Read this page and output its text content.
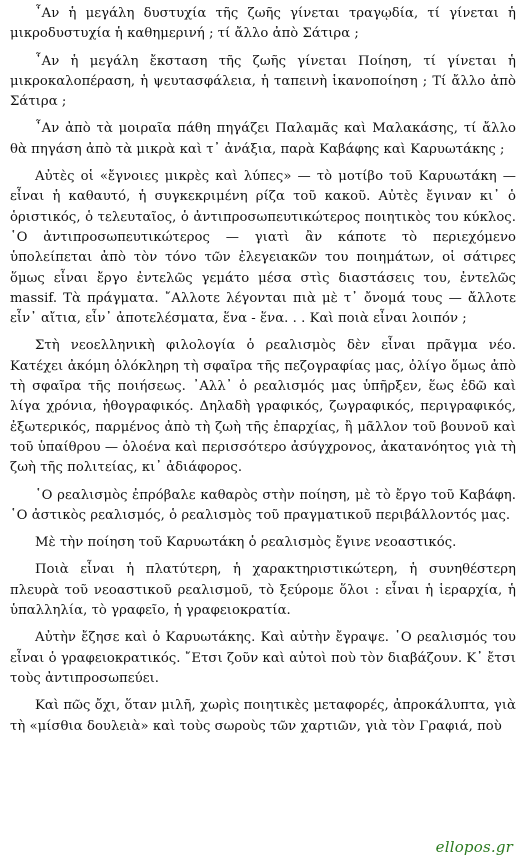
῏Αν ἡ μεγάλη δυστυχία τῆς ζωῆς γίνεται τραγῳδία, τί γίνεται ἡ μικροδυστυχία ἡ καθημερινή ; τί ἄλλο ἀπὸ Σάτιρα ;

῏Αν ἡ μεγάλη ἔκσταση τῆς ζωῆς γίνεται Ποίηση, τί γίνεται ἡ μικροκαλοπέραση, ἡ ψευτασφάλεια, ἡ ταπεινὴ ἱκανοποίηση ; Τί ἄλλο ἀπὸ Σάτιρα ;

῏Αν ἀπὸ τὰ μοιραῖα πάθη πηγάζει Παλαμᾶς καὶ Μαλακάσης, τί ἄλλο θὰ πηγάση ἀπὸ τὰ μικρὰ καὶ τ᾿ ἀνάξια, παρὰ Καβάφης καὶ Καρυωτάκης ;

Αὐτὲς οἱ «ἔγνοιες μικρὲς καὶ λύπες» — τὸ μοτίβο τοῦ Καρυωτάκη — εἶναι ἡ καθαυτό, ἡ συγκεκριμένη ρίζα τοῦ κακοῦ. Αὐτὲς ἔγιναν κι᾿ ὁ ὁριστικός, ὁ τελευταῖος, ὁ ἀντιπροσωπευτικώτερος ποιητικὸς του κύκλος. ῾Ο ἀντιπροσωπευτικώτερος — γιατὶ ἂν κάποτε τὸ περιεχόμενο ὑπολείπεται ἀπὸ τὸν τόνο τῶν ἐλεγειακῶν του ποιημάτων, οἱ σάτιρες ὅμως εἶναι ἔργο ἐντελῶς γεμάτο μέσα στὶς διαστάσεις του, ἐντελῶς massif. Τὰ πράγματα. ῎Αλλοτε λέγονται πιὰ μὲ τ᾿ ὄνομά τους — ἄλλοτε εἶν᾿ αἴτια, εἶν᾿ ἀποτελέσματα, ἕνα - ἕνα. . . Καὶ ποιὰ εἶναι λοιπόν ;

Στὴ νεοελληνικὴ φιλολογία ὁ ρεαλισμὸς δὲν εἶναι πρᾶγμα νέο. Κατέχει ἀκόμη ὁλόκληρη τὴ σφαῖρα τῆς πεζογραφίας μας, ὀλίγο ὅμως ἀπὸ τὴ σφαῖρα τῆς ποιήσεως. ᾿Αλλ᾿ ὁ ρεαλισμός μας ὑπῆρξεν, ἕως ἐδῶ καὶ λίγα χρόνια, ἠθογραφικός. Δηλαδὴ γραφικός, ζωγραφικός, περιγραφικός, ἐξωτερικός, παρμένος ἀπὸ τὴ ζωὴ τῆς ἐπαρχίας, ἢ μᾶλλον τοῦ βουνοῦ καὶ τοῦ ὑπαίθρου — ὁλοένα καὶ περισσότερο ἀσύγχρονος, ἀκατανόητος γιὰ τὴ ζωὴ τῆς πολιτείας, κι᾿ ἀδιάφορος.

῾Ο ρεαλισμὸς ἐπρόβαλε καθαρὸς στὴν ποίηση, μὲ τὸ ἔργο τοῦ Καβάφη. ῾Ο ἀστικὸς ρεαλισμός, ὁ ρεαλισμὸς τοῦ πραγματικοῦ περιβάλλοντός μας.

Μὲ τὴν ποίηση τοῦ Καρυωτάκη ὁ ρεαλισμὸς ἔγινε νεοαστικός.

Ποιὰ εἶναι ἡ πλατύτερη, ἡ χαρακτηριστικώτερη, ἡ συνηθέστερη πλευρὰ τοῦ νεοαστικοῦ ρεαλισμοῦ, τὸ ξεύρομε ὅλοι : εἶναι ἡ ἱεραρχία, ἡ ὑπαλληλία, τὸ γραφεῖο, ἡ γραφειοκρατία.

Αὐτὴν ἔζησε καὶ ὁ Καρυωτάκης. Καὶ αὐτὴν ἔγραψε. ῾Ο ρεαλισμός του εἶναι ὁ γραφειοκρατικός. ῎Ετσι ζοῦν καὶ αὐτοὶ ποὺ τὸν διαβάζουν. Κ᾿ ἔτσι τοὺς ἀντιπροσωπεύει.

Καὶ πῶς ὄχι, ὅταν μιλῆ, χωρὶς ποιητικὲς μεταφορές, ἀπροκάλυπτα, γιὰ τὴ «μίσθια δουλειὰ» καὶ τοὺς σωροὺς τῶν χαρτιῶν, γιὰ τὸν Γραφιά, ποὺ

ellopos.gr
